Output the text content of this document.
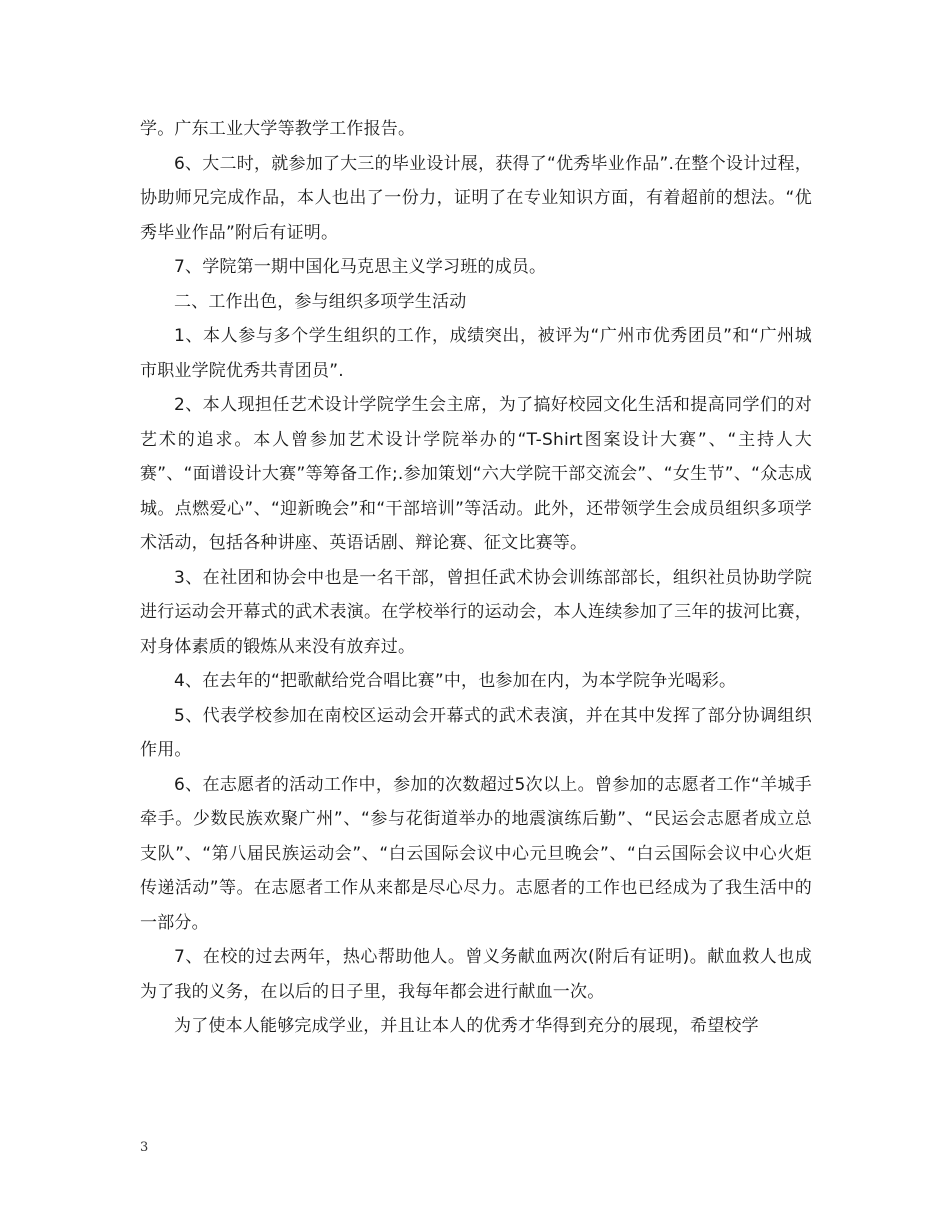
学。广东工业大学等教学工作报告。

6、大二时，就参加了大三的毕业设计展，获得了“优秀毕业作品”.在整个设计过程，协助师兄完成作品，本人也出了一份力，证明了在专业知识方面，有着超前的想法。“优秀毕业作品”附后有证明。

7、学院第一期中国化马克思主义学习班的成员。

二、工作出色，参与组织多项学生活动

1、本人参与多个学生组织的工作，成绩突出，被评为“广州市优秀团员”和“广州城市职业学院优秀共青团员”.

2、本人现担任艺术设计学院学生会主席，为了搞好校园文化生活和提高同学们的对艺术的追求。本人曾参加艺术设计学院举办的“T-Shirt图案设计大赛”、“主持人大赛”、“面谱设计大赛”等筹备工作;.参加策划“六大学院干部交流会”、“女生节”、“众志成城。点燃爱心”、“迎新晚会”和“干部培训”等活动。此外，还带领学生会成员组织多项学术活动，包括各种讲座、英语话剧、辩论赛、征文比赛等。

3、在社团和协会中也是一名干部，曾担任武术协会训练部部长，组织社员协助学院进行运动会开幕式的武术表演。在学校举行的运动会，本人连续参加了三年的拔河比赛，对身体素质的锻炼从来没有放弃过。

4、在去年的“把歌献给党合唱比赛”中，也参加在内，为本学院争光喝彩。

5、代表学校参加在南校区运动会开幕式的武术表演，并在其中发挥了部分协调组织作用。

6、在志愿者的活动工作中，参加的次数超过5次以上。曾参加的志愿者工作“羊城手牵手。少数民族欢聚广州”、“参与花街道举办的地震演练后勤”、“民运会志愿者成立总支队”、“第八届民族运动会”、“白云国际会议中心元旦晚会”、“白云国际会议中心火炬传递活动”等。在志愿者工作从来都是尽心尽力。志愿者的工作也已经成为了我生活中的一部分。

7、在校的过去两年，热心帮助他人。曾义务献血两次(附后有证明)。献血救人也成为了我的义务，在以后的日子里，我每年都会进行献血一次。

为了使本人能够完成学业，并且让本人的优秀才华得到充分的展现，希望校学

3
